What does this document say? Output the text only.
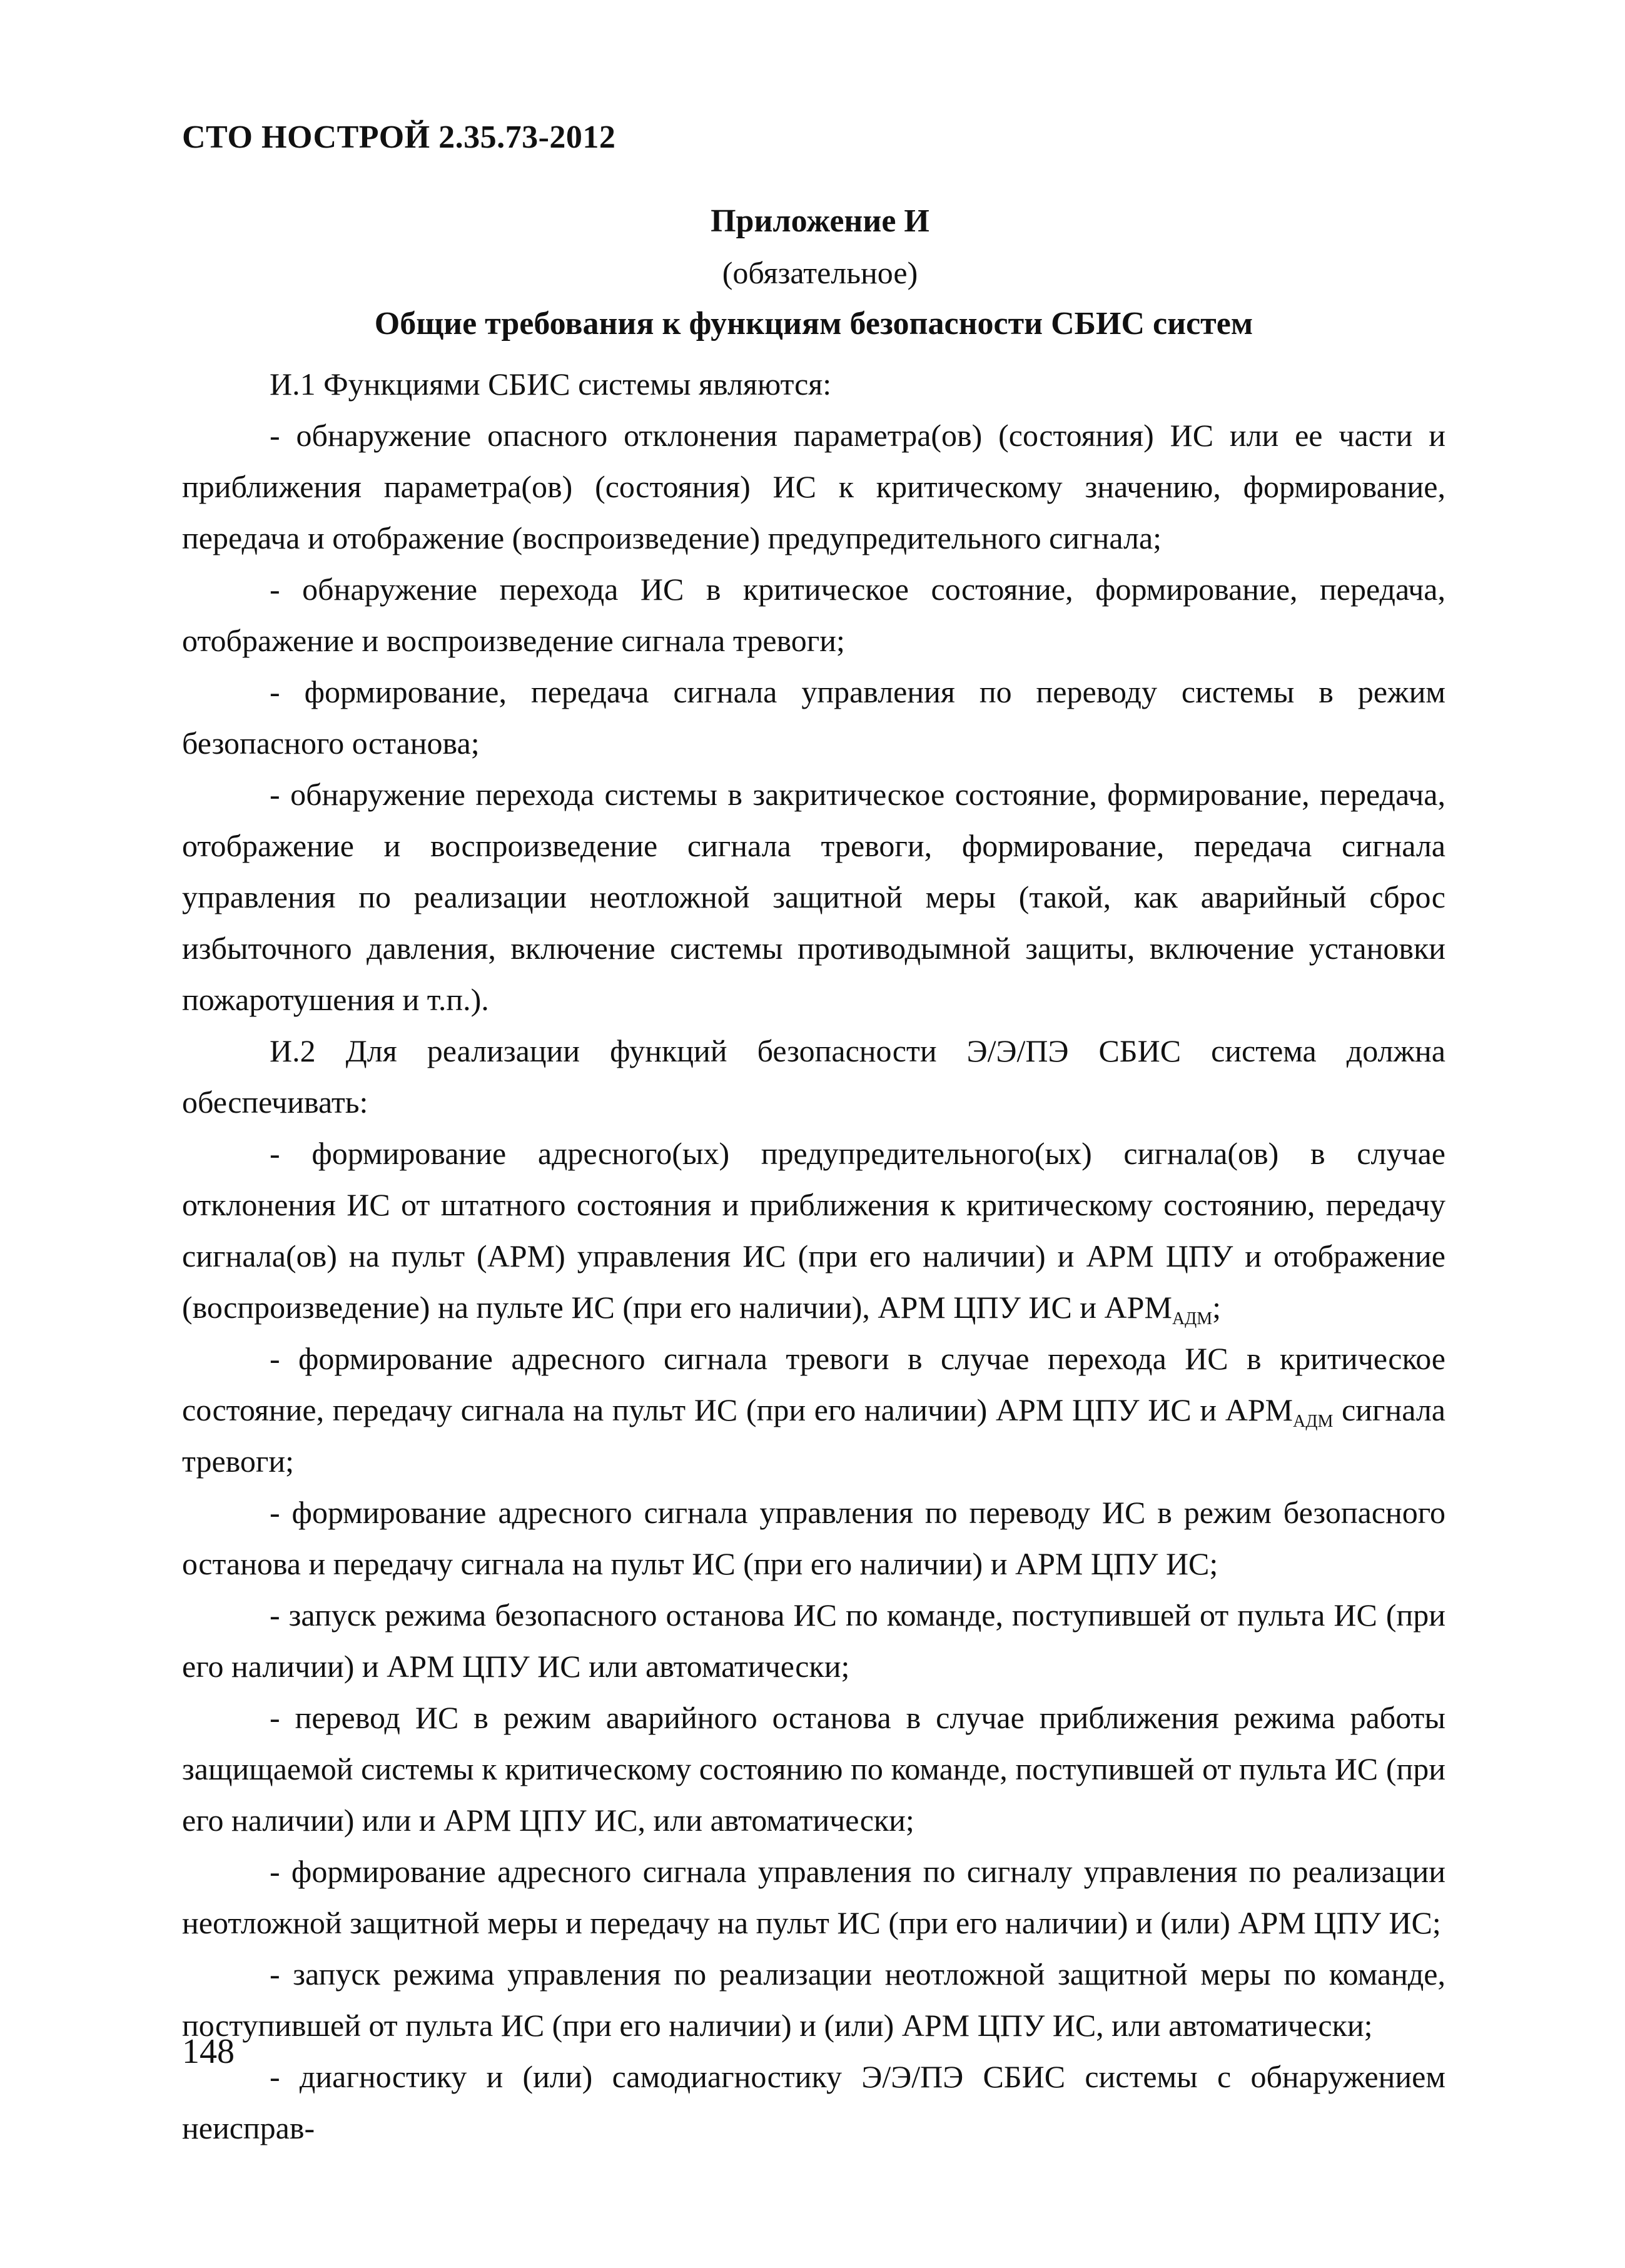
СТО НОСТРОЙ 2.35.73-2012
Приложение И
(обязательное)
Общие требования к функциям безопасности СБИС систем
И.1 Функциями СБИС системы являются:
- обнаружение опасного отклонения параметра(ов) (состояния) ИС или ее части и приближения параметра(ов) (состояния) ИС к критическому значению, формирование, передача и отображение (воспроизведение) предупредительного сигнала;
- обнаружение перехода ИС в критическое состояние, формирование, передача, отображение и воспроизведение сигнала тревоги;
- формирование, передача сигнала управления по переводу системы в режим безопасного останова;
- обнаружение перехода системы в закритическое состояние, формирование, передача, отображение и воспроизведение сигнала тревоги, формирование, передача сигнала управления по реализации неотложной защитной меры (такой, как аварийный сброс избыточного давления, включение системы противодымной защиты, включение установки пожаротушения и т.п.).
И.2 Для реализации функций безопасности Э/Э/ПЭ СБИС система должна обеспечивать:
- формирование адресного(ых) предупредительного(ых) сигнала(ов) в случае отклонения ИС от штатного состояния и приближения к критическому состоянию, передачу сигнала(ов) на пульт (АРМ) управления ИС (при его наличии) и АРМ ЦПУ и отображение (воспроизведение) на пульте ИС (при его наличии), АРМ ЦПУ ИС и $АРМ_{АДМ}$;
- формирование адресного сигнала тревоги в случае перехода ИС в критическое состояние, передачу сигнала на пульт ИС (при его наличии) АРМ ЦПУ ИС и $АРМ_{АДМ}$ сигнала тревоги;
- формирование адресного сигнала управления по переводу ИС в режим безопасного останова и передачу сигнала на пульт ИС (при его наличии) и АРМ ЦПУ ИС;
- запуск режима безопасного останова ИС по команде, поступившей от пульта ИС (при его наличии) и АРМ ЦПУ ИС или автоматически;
- перевод ИС в режим аварийного останова в случае приближения режима работы защищаемой системы к критическому состоянию по команде, поступившей от пульта ИС (при его наличии) или и АРМ ЦПУ ИС, или автоматически;
- формирование адресного сигнала управления по сигналу управления по реализации неотложной защитной меры и передачу на пульт ИС (при его наличии) и (или) АРМ ЦПУ ИС;
- запуск режима управления по реализации неотложной защитной меры по команде, поступившей от пульта ИС (при его наличии) и (или) АРМ ЦПУ ИС, или автоматически;
- диагностику и (или) самодиагностику Э/Э/ПЭ СБИС системы с обнаружением неисправ-
148
